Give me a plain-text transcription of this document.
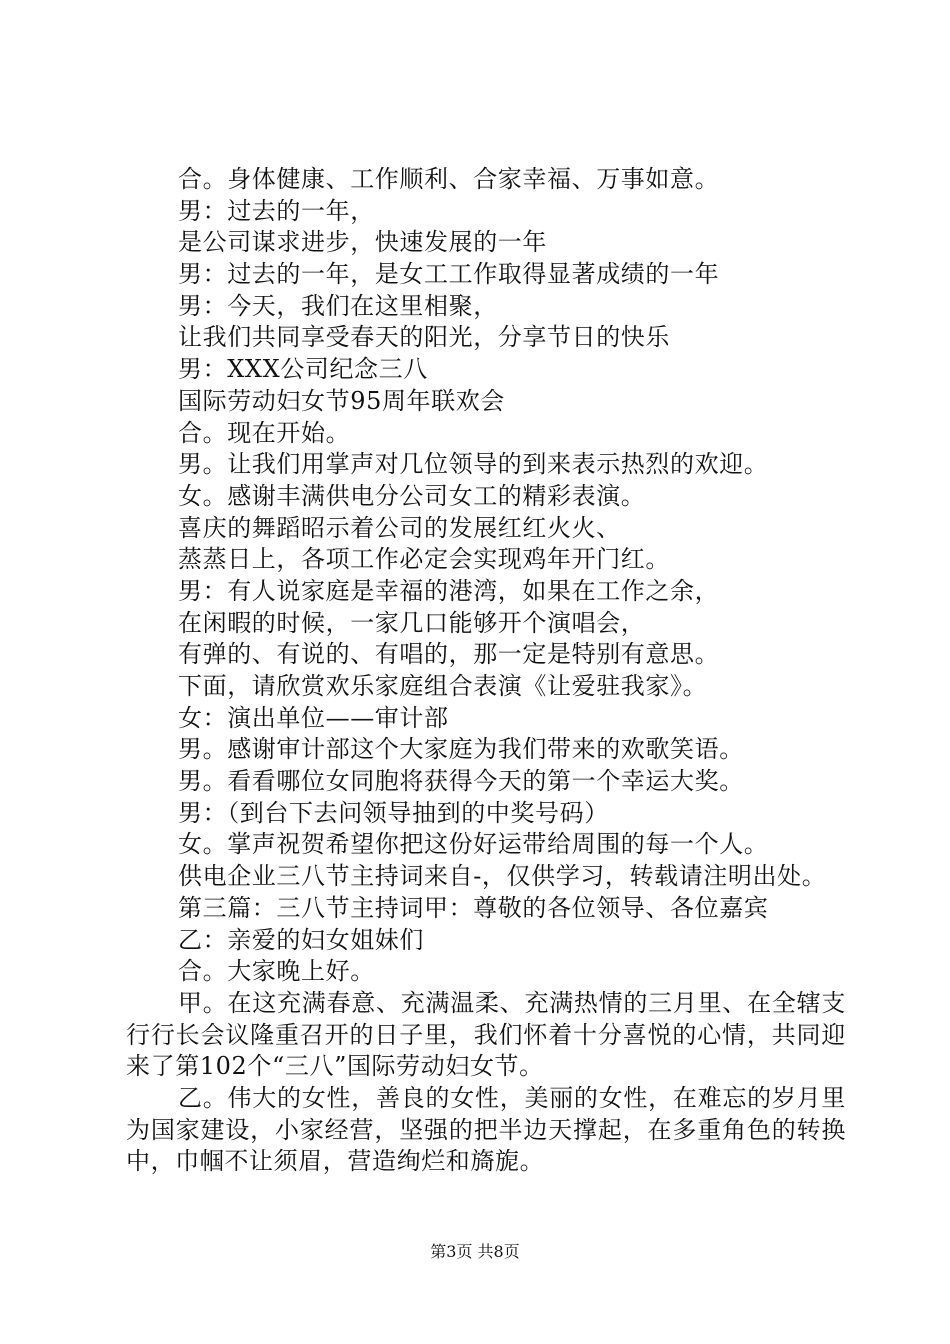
合。身体健康、工作顺利、合家幸福、万事如意。
男：过去的一年，
是公司谋求进步，快速发展的一年
男：过去的一年，是女工工作取得显著成绩的一年
男：今天，我们在这里相聚，
让我们共同享受春天的阳光，分享节日的快乐
男：XXX公司纪念三八
国际劳动妇女节95周年联欢会
合。现在开始。
男。让我们用掌声对几位领导的到来表示热烈的欢迎。
女。感谢丰满供电分公司女工的精彩表演。
喜庆的舞蹈昭示着公司的发展红红火火、
蒸蒸日上，各项工作必定会实现鸡年开门红。
男：有人说家庭是幸福的港湾，如果在工作之余，
在闲暇的时候，一家几口能够开个演唱会，
有弹的、有说的、有唱的，那一定是特别有意思。
下面，请欣赏欢乐家庭组合表演《让爱驻我家》。
女：演出单位——审计部
男。感谢审计部这个大家庭为我们带来的欢歌笑语。
男。看看哪位女同胞将获得今天的第一个幸运大奖。
男：（到台下去问领导抽到的中奖号码）
女。掌声祝贺希望你把这份好运带给周围的每一个人。
供电企业三八节主持词来自-，仅供学习，转载请注明出处。
第三篇：三八节主持词甲：尊敬的各位领导、各位嘉宾
乙：亲爱的妇女姐妹们
合。大家晚上好。

甲。在这充满春意、充满温柔、充满热情的三月里、在全辖支行行长会议隆重召开的日子里，我们怀着十分喜悦的心情，共同迎来了第102个“三八”国际劳动妇女节。

乙。伟大的女性，善良的女性，美丽的女性，在难忘的岁月里为国家建设，小家经营，坚强的把半边天撑起，在多重角色的转换中，巾帼不让须眉，营造绚烂和旖旎。

第3页 共8页
